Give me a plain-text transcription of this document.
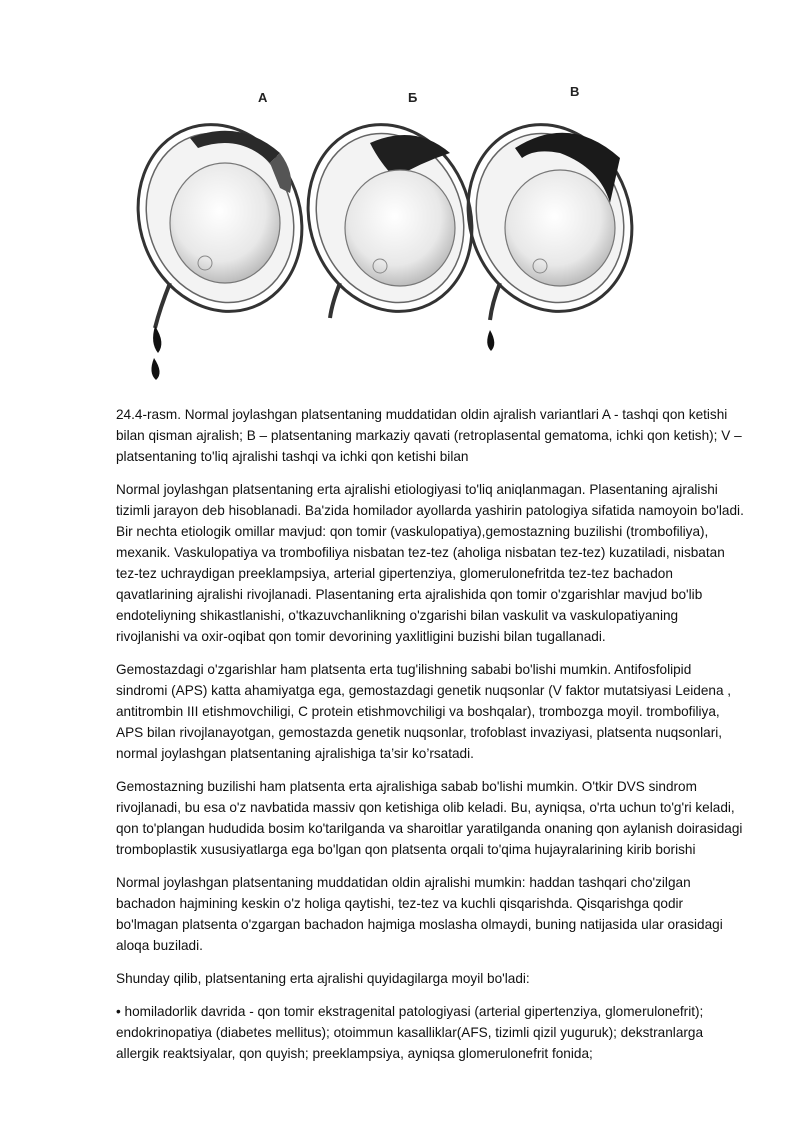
А	Б	В

24.4-rasm. Normal joylashgan platsentaning muddatidan oldin ajralish variantlari A - tashqi qon ketishi bilan qisman ajralish; B – platsentaning markaziy qavati (retroplasental gematoma, ichki qon ketish); V – platsentaning to'liq ajralishi tashqi va ichki qon ketishi bilan

Normal joylashgan platsentaning erta ajralishi etiologiyasi to'liq aniqlanmagan. Plasentaning ajralishi tizimli jarayon deb hisoblanadi. Ba'zida homilador ayollarda yashirin patologiya sifatida namoyoin bo'ladi. Bir nechta etiologik omillar mavjud: qon tomir (vaskulopatiya),gemostazning buzilishi (trombofiliya), mexanik. Vaskulopatiya va trombofiliya nisbatan tez-tez (aholiga nisbatan tez-tez) kuzatiladi, nisbatan tez-tez uchraydigan preeklampsiya, arterial gipertenziya, glomerulonefritda tez-tez bachadon qavatlarining ajralishi rivojlanadi. Plasentaning erta ajralishida qon tomir o'zgarishlar mavjud bo'lib endoteliyning shikastlanishi, o'tkazuvchanlikning o'zgarishi bilan vaskulit va vaskulopatiyaning rivojlanishi va oxir-oqibat qon tomir devorining yaxlitligini buzishi bilan tugallanadi.

Gemostazdagi o'zgarishlar ham platsenta erta tug'ilishning sababi bo'lishi mumkin. Antifosfolipid sindromi (APS) katta ahamiyatga ega, gemostazdagi genetik nuqsonlar (V faktor mutatsiyasi Leidena , antitrombin III etishmovchiligi, C protein etishmovchiligi va boshqalar), trombozga moyil. trombofiliya, APS bilan rivojlanayotgan, gemostazda genetik nuqsonlar, trofoblast invaziyasi, platsenta nuqsonlari, normal joylashgan platsentaning ajralishiga ta’sir ko’rsatadi.

Gemostazning buzilishi ham platsenta erta ajralishiga sabab bo'lishi mumkin. O'tkir DVS sindrom rivojlanadi, bu esa o'z navbatida massiv qon ketishiga olib keladi. Bu, ayniqsa, o'rta uchun to'g'ri keladi, qon to'plangan hududida bosim ko'tarilganda va sharoitlar yaratilganda onaning qon aylanish doirasidagi tromboplastik xususiyatlarga ega bo'lgan qon platsenta orqali to'qima hujayralarining kirib borishi

Normal joylashgan platsentaning muddatidan oldin ajralishi mumkin: haddan tashqari cho'zilgan bachadon hajmining keskin o'z holiga qaytishi, tez-tez va kuchli qisqarishda. Qisqarishga qodir bo'lmagan platsenta o'zgargan bachadon hajmiga moslasha olmaydi, buning natijasida ular orasidagi aloqa buziladi.

Shunday qilib, platsentaning erta ajralishi quyidagilarga moyil bo'ladi:

• homiladorlik davrida - qon tomir ekstragenital patologiyasi (arterial gipertenziya, glomerulonefrit); endokrinopatiya (diabetes mellitus); otoimmun kasalliklar(AFS, tizimli qizil yuguruk); dekstranlarga allergik reaktsiyalar, qon quyish; preeklampsiya, ayniqsa glomerulonefrit fonida;
